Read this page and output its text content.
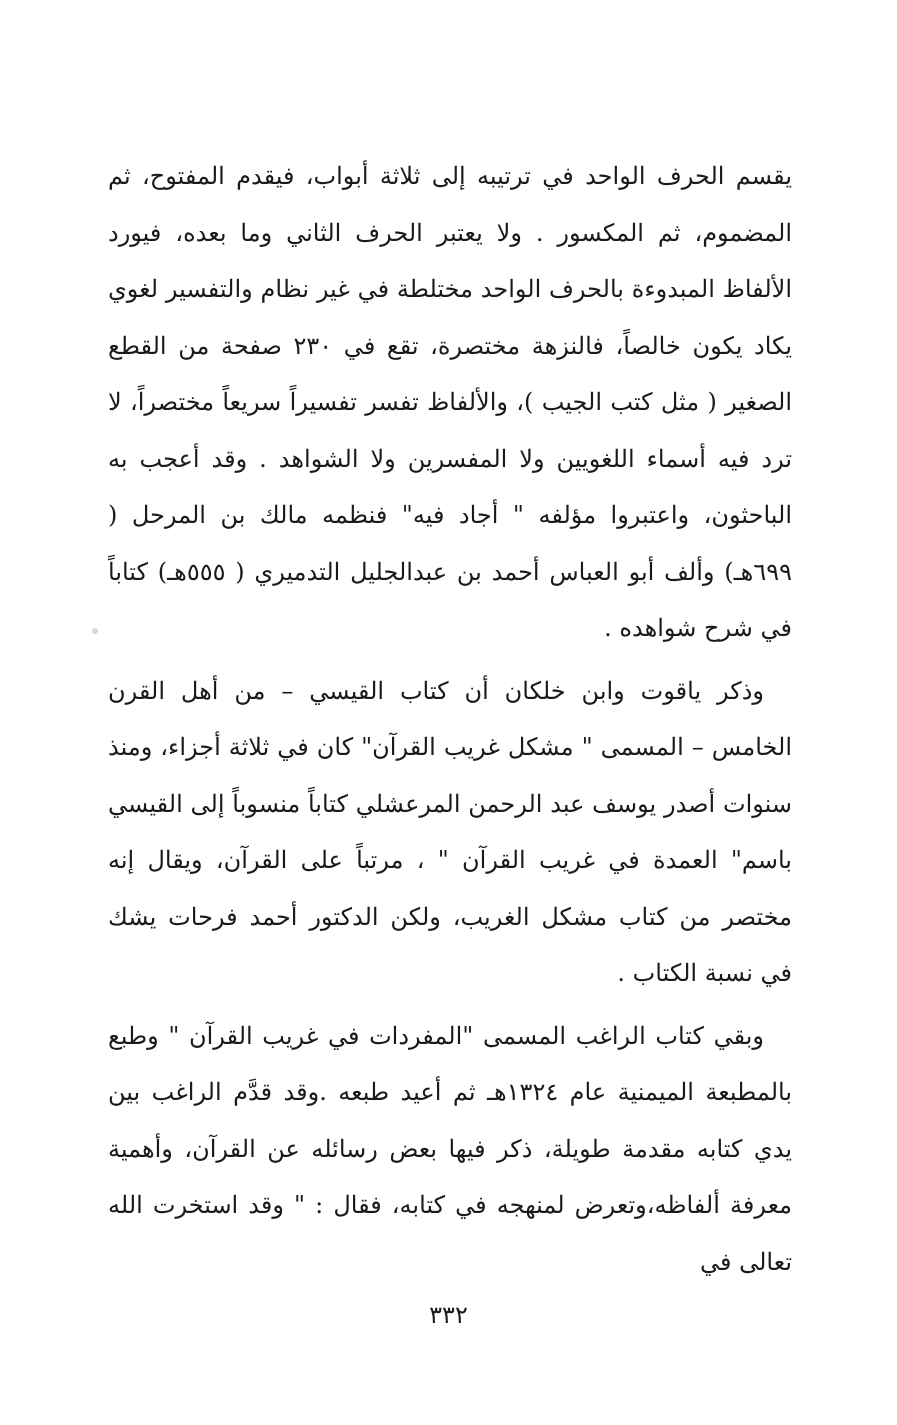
يقسم الحرف الواحد في ترتيبه إلى ثلاثة أبواب، فيقدم المفتوح، ثم المضموم، ثم المكسور . ولا يعتبر الحرف الثاني وما بعده، فيورد الألفاظ المبدوءة بالحرف الواحد مختلطة في غير نظام والتفسير لغوي يكاد يكون خالصاً، فالنزهة مختصرة، تقع في ٢٣٠ صفحة من القطع الصغير ( مثل كتب الجيب )، والألفاظ تفسر تفسيراً سريعاً مختصراً، لا ترد فيه أسماء اللغويين ولا المفسرين ولا الشواهد . وقد أعجب به الباحثون، واعتبروا مؤلفه " أجاد فيه" فنظمه مالك بن المرحل ( ٦٩٩هـ) وألف أبو العباس أحمد بن عبدالجليل التدميري ( ٥٥٥هـ) كتاباً في شرح شواهده .

وذكر ياقوت وابن خلكان أن كتاب القيسي – من أهل القرن الخامس – المسمى " مشكل غريب القرآن" كان في ثلاثة أجزاء، ومنذ سنوات أصدر يوسف عبد الرحمن المرعشلي كتاباً منسوباً إلى القيسي باسم" العمدة في غريب القرآن " ، مرتباً على القرآن، ويقال إنه مختصر من كتاب مشكل الغريب، ولكن الدكتور أحمد فرحات يشك في نسبة الكتاب .

وبقي كتاب الراغب المسمى "المفردات في غريب القرآن " وطبع بالمطبعة الميمنية عام ١٣٢٤هـ ثم أعيد طبعه .وقد قدَّم الراغب بين يدي كتابه مقدمة طويلة، ذكر فيها بعض رسائله عن القرآن، وأهمية معرفة ألفاظه،وتعرض لمنهجه في كتابه، فقال : " وقد استخرت الله تعالى في

٣٣٢
